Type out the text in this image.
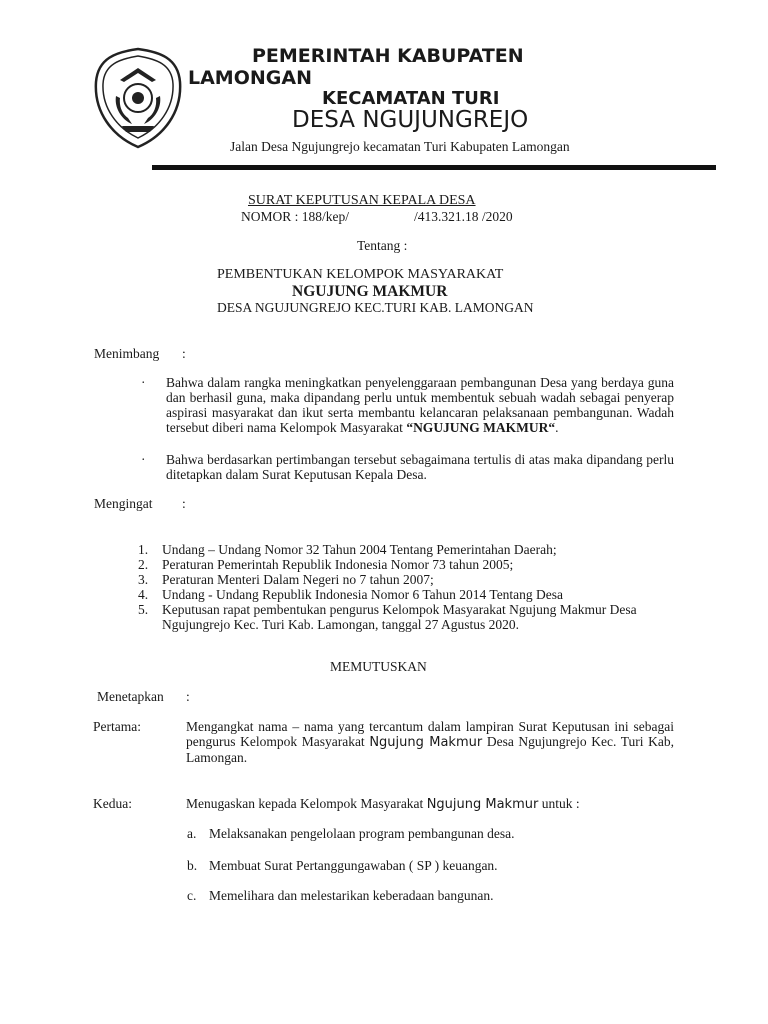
PEMERINTAH KABUPATEN
LAMONGAN
KECAMATAN TURI
DESA NGUJUNGREJO
Jalan Desa Ngujungrejo kecamatan Turi Kabupaten Lamongan
SURAT KEPUTUSAN KEPALA DESA
NOMOR : 188/kep/	/413.321.18 /2020
Tentang :
PEMBENTUKAN KELOMPOK MASYARAKAT
NGUJUNG MAKMUR
DESA NGUJUNGREJO KEC.TURI KAB. LAMONGAN
Menimbang :
· Bahwa dalam rangka meningkatkan penyelenggaraan pembangunan Desa yang berdaya guna dan berhasil guna, maka dipandang perlu untuk membentuk sebuah wadah sebagai penyerap aspirasi masyarakat dan ikut serta membantu kelancaran pelaksanaan pembangunan. Wadah tersebut diberi nama Kelompok Masyarakat “NGUJUNG MAKMUR“.
· Bahwa berdasarkan pertimbangan tersebut sebagaimana tertulis di atas maka dipandang perlu ditetapkan dalam Surat Keputusan Kepala Desa.
Mengingat :
1.	Undang – Undang Nomor 32 Tahun 2004 Tentang Pemerintahan Daerah;
2.	Peraturan Pemerintah Republik Indonesia Nomor 73 tahun 2005;
3.	Peraturan Menteri Dalam Negeri no 7 tahun 2007;
4.	Undang - Undang Republik Indonesia Nomor 6 Tahun 2014 Tentang Desa
5.	Keputusan rapat pembentukan pengurus Kelompok Masyarakat Ngujung Makmur Desa Ngujungrejo Kec. Turi Kab. Lamongan, tanggal 27 Agustus 2020.
MEMUTUSKAN
Menetapkan :
Pertama:	Mengangkat nama – nama yang tercantum dalam lampiran Surat Keputusan ini sebagai pengurus Kelompok Masyarakat Ngujung Makmur Desa Ngujungrejo Kec. Turi Kab, Lamongan.
Kedua:	Menugaskan kepada Kelompok Masyarakat Ngujung Makmur untuk :
a. Melaksanakan pengelolaan program pembangunan desa.
b. Membuat Surat Pertanggungawaban ( SP ) keuangan.
c. Memelihara dan melestarikan keberadaan bangunan.
